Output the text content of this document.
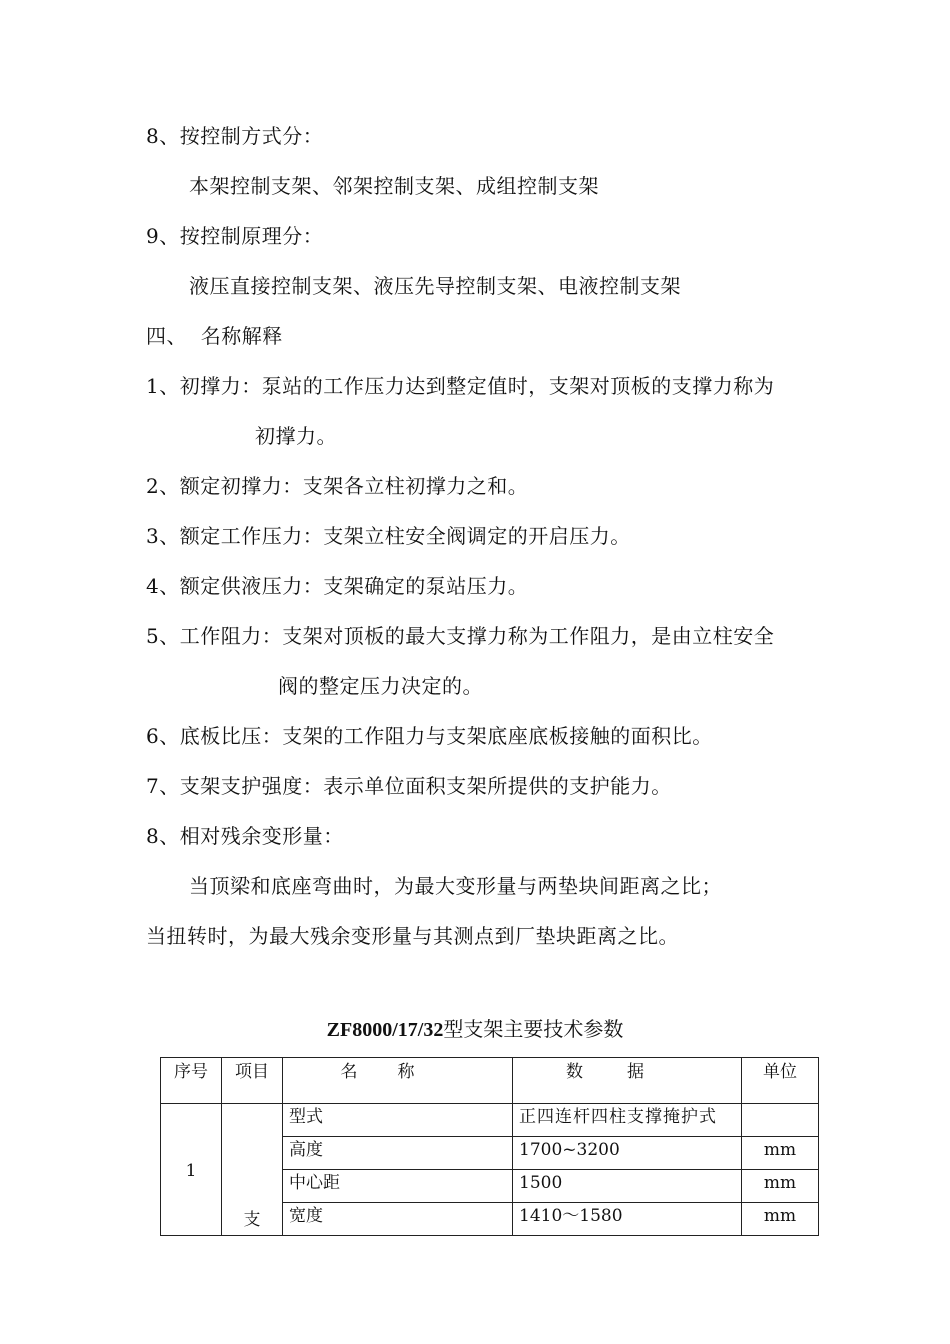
8、按控制方式分：
本架控制支架、邻架控制支架、成组控制支架
9、按控制原理分：
液压直接控制支架、液压先导控制支架、电液控制支架
四、  名称解释
1、初撑力：泵站的工作压力达到整定值时，支架对顶板的支撑力称为
初撑力。
2、额定初撑力：支架各立柱初撑力之和。
3、额定工作压力：支架立柱安全阀调定的开启压力。
4、额定供液压力：支架确定的泵站压力。
5、工作阻力：支架对顶板的最大支撑力称为工作阻力，是由立柱安全
阀的整定压力决定的。
6、底板比压：支架的工作阻力与支架底座底板接触的面积比。
7、支架支护强度：表示单位面积支架所提供的支护能力。
8、相对残余变形量：
当顶梁和底座弯曲时，为最大变形量与两垫块间距离之比；
当扭转时，为最大残余变形量与其测点到厂垫块距离之比。
ZF8000/17/32型支架主要技术参数
序号	项目	名称	数据	单位
1	支	型式	正四连杆四柱支撑掩护式	
		高度	1700~3200	mm
		中心距	1500	mm
		宽度	1410～1580	mm
